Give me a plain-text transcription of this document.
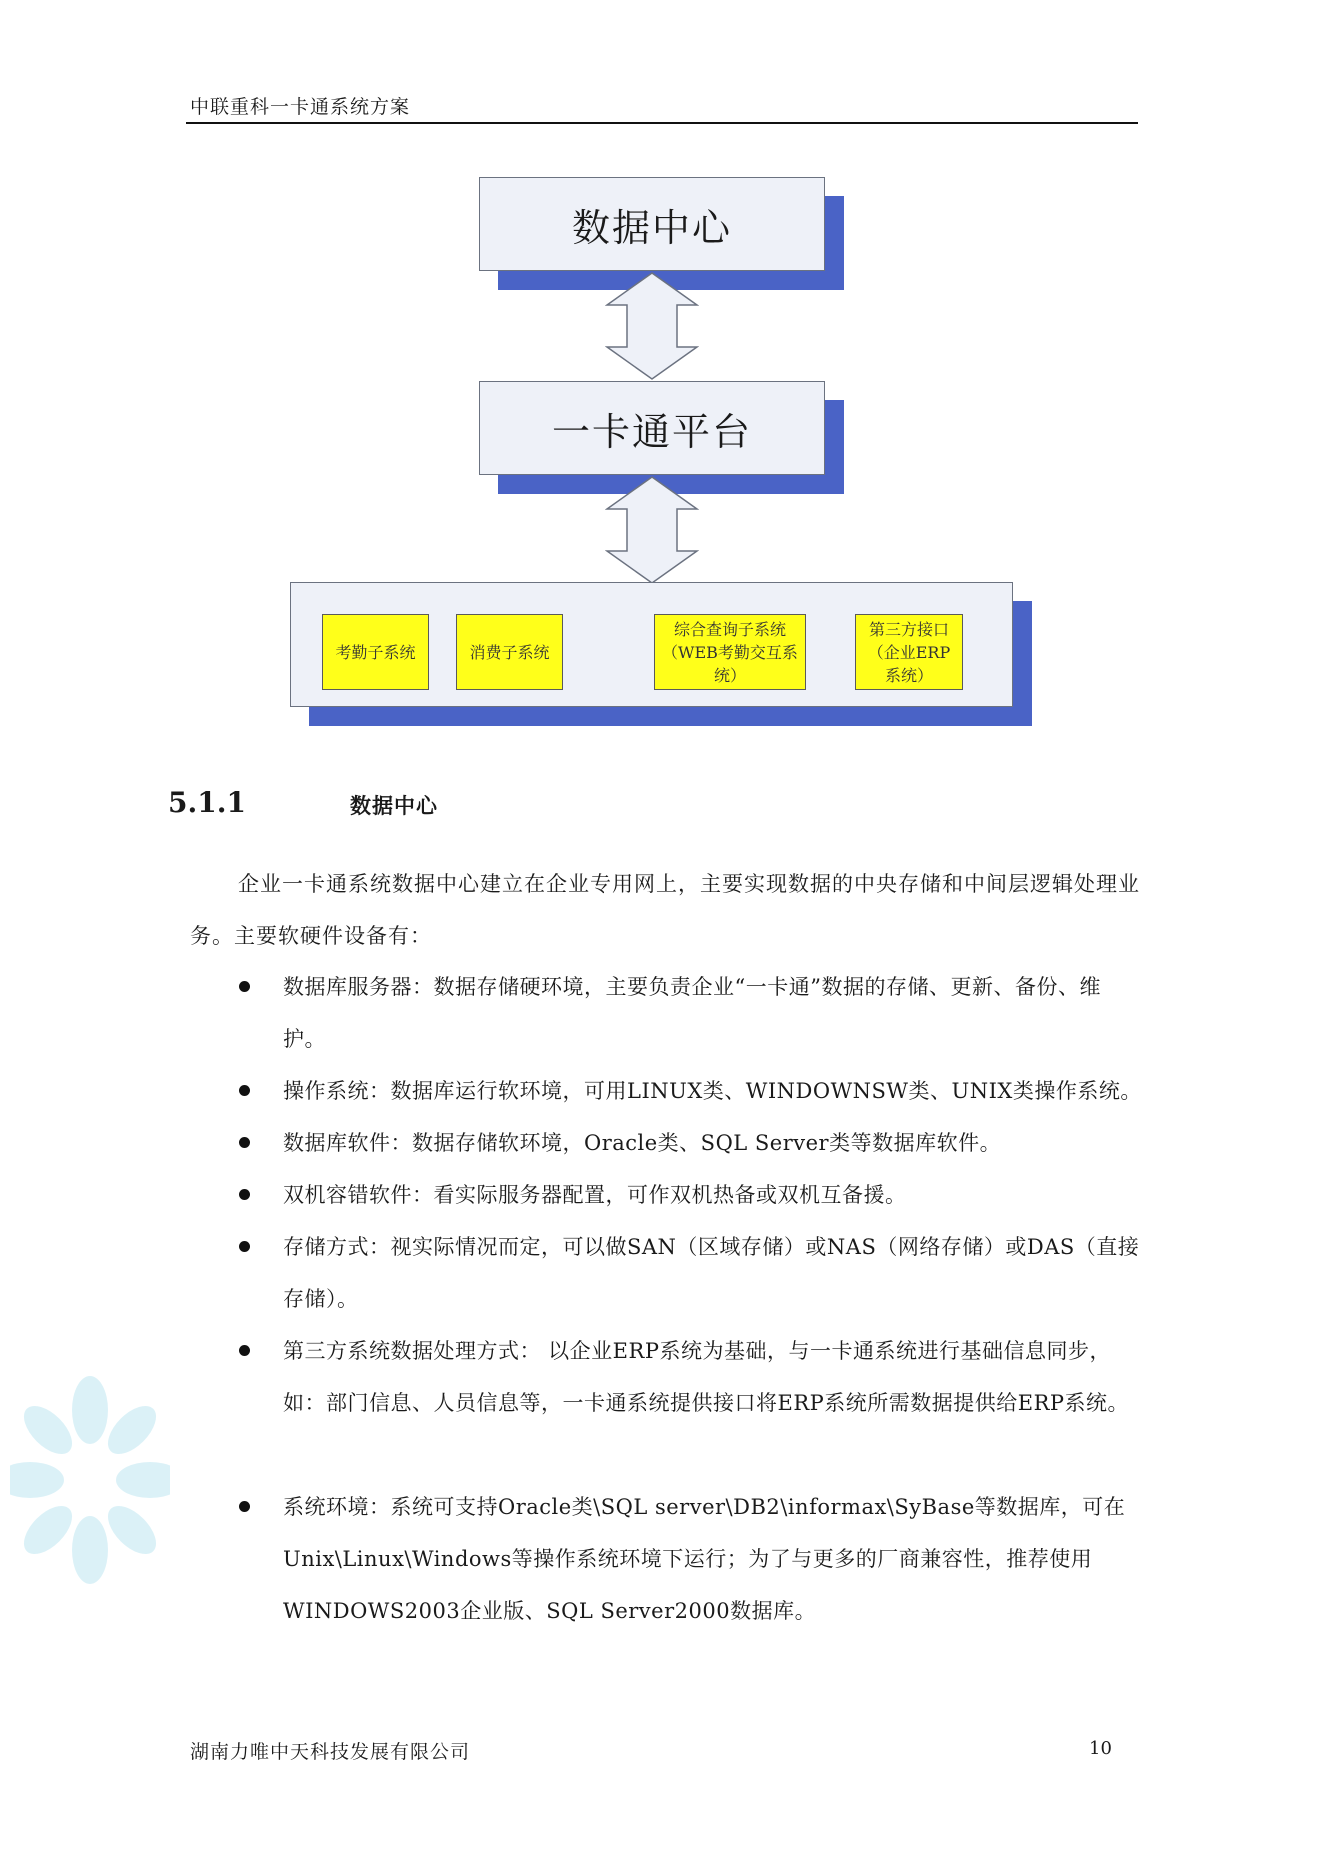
中联重科一卡通系统方案
数据中心
一卡通平台
考勤子系统	消费子系统
综合查询子系统（WEB考勤交互系统）
第三方接口（企业ERP系统）
5.1.1	数据中心
企业一卡通系统数据中心建立在企业专用网上，主要实现数据的中央存储和中间层逻辑处理业务。主要软硬件设备有：
数据库服务器：数据存储硬环境，主要负责企业“一卡通”数据的存储、更新、备份、维护。
操作系统：数据库运行软环境，可用LINUX类、WINDOWNSW类、UNIX类操作系统。
数据库软件：数据存储软环境，Oracle类、SQL Server类等数据库软件。
双机容错软件：看实际服务器配置，可作双机热备或双机互备援。
存储方式：视实际情况而定，可以做SAN（区域存储）或NAS（网络存储）或DAS（直接存储）。
第三方系统数据处理方式： 以企业ERP系统为基础，与一卡通系统进行基础信息同步，如：部门信息、人员信息等，一卡通系统提供接口将ERP系统所需数据提供给ERP系统。
系统环境：系统可支持Oracle类\SQL server\DB2\informax\SyBase等数据库，可在Unix\Linux\Windows等操作系统环境下运行；为了与更多的厂商兼容性，推荐使用WINDOWS2003企业版、SQL Server2000数据库。
湖南力唯中天科技发展有限公司	10
